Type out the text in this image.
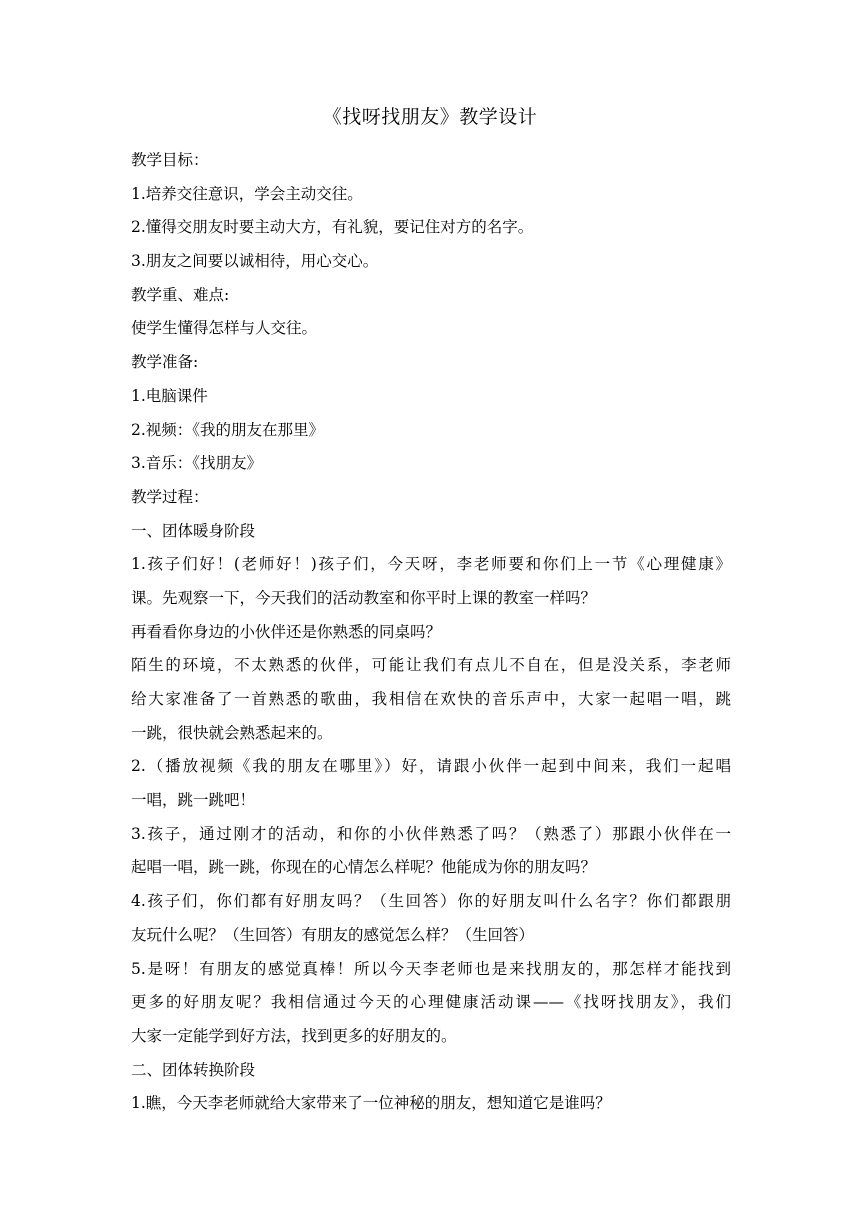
《找呀找朋友》教学设计
教学目标：
1.培养交往意识，学会主动交往。
2.懂得交朋友时要主动大方，有礼貌，要记住对方的名字。
3.朋友之间要以诚相待，用心交心。
教学重、难点:
使学生懂得怎样与人交往。
教学准备:
1.电脑课件
2.视频：《我的朋友在那里》
3.音乐：《找朋友》
教学过程：
一、团体暖身阶段
1.孩子们好！(老师好！)孩子们，今天呀，李老师要和你们上一节《心理健康》
课。先观察一下，今天我们的活动教室和你平时上课的教室一样吗？
再看看你身边的小伙伴还是你熟悉的同桌吗？
陌生的环境，不太熟悉的伙伴，可能让我们有点儿不自在，但是没关系，李老师
给大家准备了一首熟悉的歌曲，我相信在欢快的音乐声中，大家一起唱一唱，跳
一跳，很快就会熟悉起来的。
2.（播放视频《我的朋友在哪里》）好，请跟小伙伴一起到中间来，我们一起唱
一唱，跳一跳吧！
3.孩子，通过刚才的活动，和你的小伙伴熟悉了吗？（熟悉了）那跟小伙伴在一
起唱一唱，跳一跳，你现在的心情怎么样呢？他能成为你的朋友吗？
4.孩子们，你们都有好朋友吗？（生回答）你的好朋友叫什么名字？你们都跟朋
友玩什么呢？（生回答）有朋友的感觉怎么样？（生回答）
5.是呀！有朋友的感觉真棒！所以今天李老师也是来找朋友的，那怎样才能找到
更多的好朋友呢？我相信通过今天的心理健康活动课——《找呀找朋友》，我们
大家一定能学到好方法，找到更多的好朋友的。
二、团体转换阶段
1.瞧，今天李老师就给大家带来了一位神秘的朋友，想知道它是谁吗？
